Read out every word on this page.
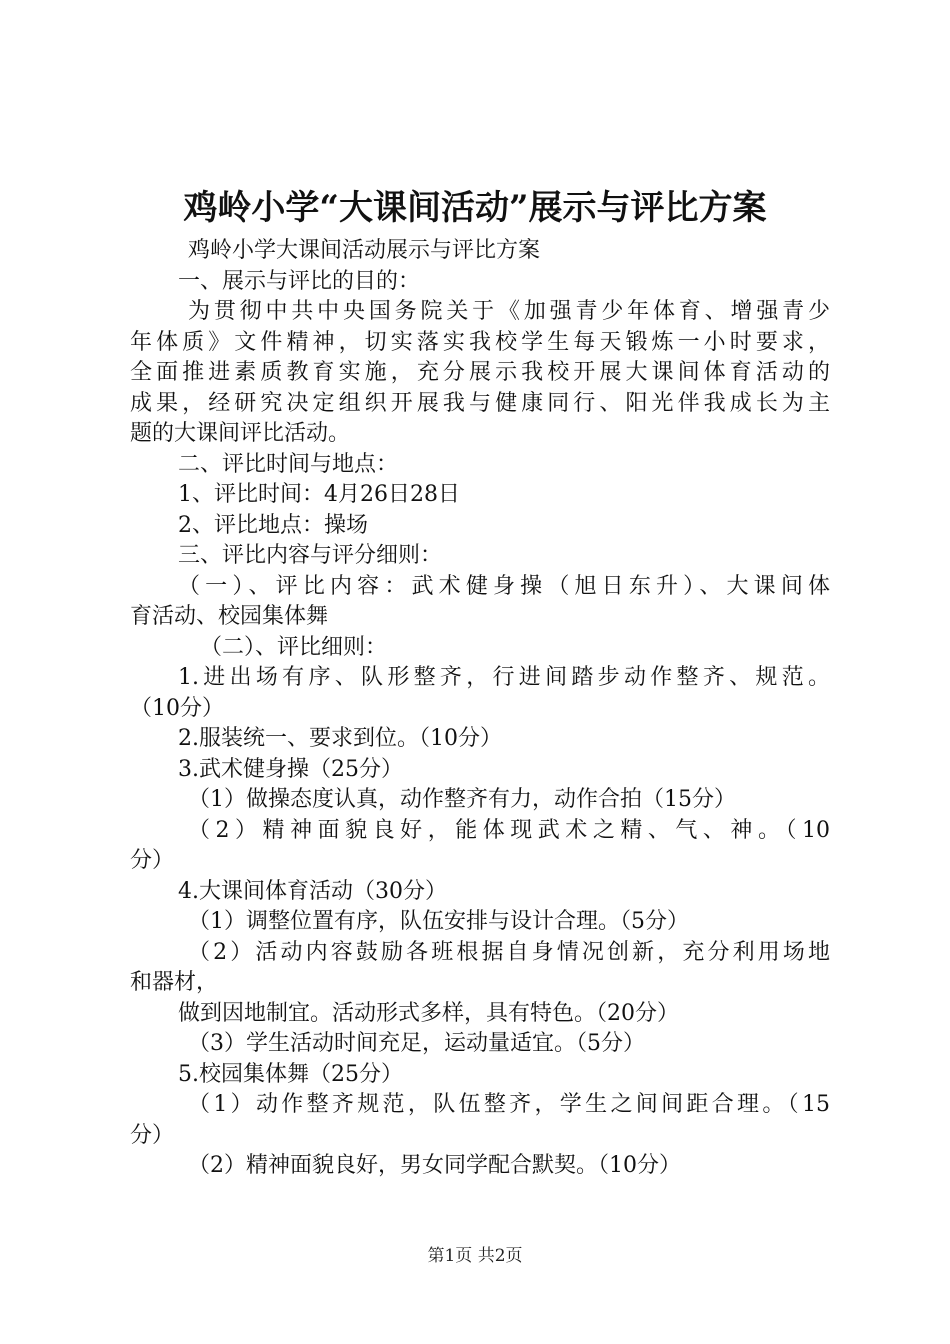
鸡岭小学“大课间活动”展示与评比方案
鸡岭小学大课间活动展示与评比方案
一、展示与评比的目的：
为贯彻中共中央国务院关于《加强青少年体育、增强青少
年体质》文件精神，切实落实我校学生每天锻炼一小时要求，
全面推进素质教育实施，充分展示我校开展大课间体育活动的
成果，经研究决定组织开展我与健康同行、阳光伴我成长为主
题的大课间评比活动。
二、评比时间与地点：
1、评比时间：4月26日28日
2、评比地点：操场
三、评比内容与评分细则：
（一）、评比内容：武术健身操（旭日东升）、大课间体
育活动、校园集体舞
（二）、评比细则：
1.进出场有序、队形整齐，行进间踏步动作整齐、规范。
（10分）
2.服装统一、要求到位。（10分）
3.武术健身操（25分）
（1）做操态度认真，动作整齐有力，动作合拍（15分）
（2）精神面貌良好，能体现武术之精、气、神。（10
分）
4.大课间体育活动（30分）
（1）调整位置有序，队伍安排与设计合理。（5分）
（2）活动内容鼓励各班根据自身情况创新，充分利用场地
和器材，
做到因地制宜。活动形式多样，具有特色。（20分）
（3）学生活动时间充足，运动量适宜。（5分）
5.校园集体舞（25分）
（1）动作整齐规范，队伍整齐，学生之间间距合理。（15
分）
（2）精神面貌良好，男女同学配合默契。（10分）
第1页 共2页
